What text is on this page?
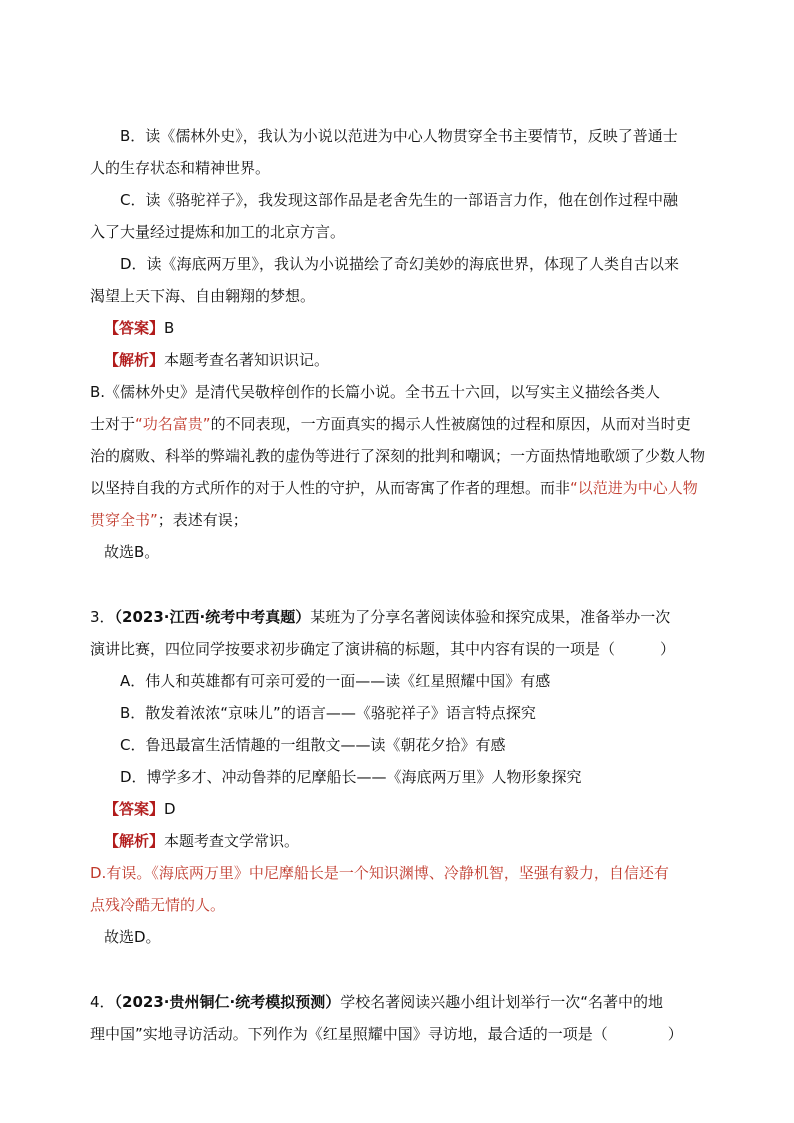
B．读《儒林外史》，我认为小说以范进为中心人物贯穿全书主要情节，反映了普通士
人的生存状态和精神世界。
C．读《骆驼祥子》，我发现这部作品是老舍先生的一部语言力作，他在创作过程中融
入了大量经过提炼和加工的北京方言。
D．读《海底两万里》，我认为小说描绘了奇幻美妙的海底世界，体现了人类自古以来
渴望上天下海、自由翱翔的梦想。
【答案】B
【解析】本题考查名著知识识记。
B.《儒林外史》是清代吴敬梓创作的长篇小说。全书五十六回，以写实主义描绘各类人
士对于“功名富贵”的不同表现，一方面真实的揭示人性被腐蚀的过程和原因，从而对当时吏
治的腐败、科举的弊端礼教的虚伪等进行了深刻的批判和嘲讽；一方面热情地歌颂了少数人物
以坚持自我的方式所作的对于人性的守护，从而寄寓了作者的理想。而非“以范进为中心人物
贯穿全书”；表述有误；
故选B。
3．（2023·江西·统考中考真题）某班为了分享名著阅读体验和探究成果，准备举办一次
演讲比赛，四位同学按要求初步确定了演讲稿的标题，其中内容有误的一项是（　　　）
A．伟人和英雄都有可亲可爱的一面——读《红星照耀中国》有感
B．散发着浓浓“京味儿”的语言——《骆驼祥子》语言特点探究
C．鲁迅最富生活情趣的一组散文——读《朝花夕拾》有感
D．博学多才、冲动鲁莽的尼摩船长——《海底两万里》人物形象探究
【答案】D
【解析】本题考查文学常识。
D.有误。《海底两万里》中尼摩船长是一个知识渊博、冷静机智，坚强有毅力，自信还有
点残冷酷无情的人。
故选D。
4．（2023·贵州铜仁·统考模拟预测）学校名著阅读兴趣小组计划举行一次“名著中的地
理中国”实地寻访活动。下列作为《红星照耀中国》寻访地，最合适的一项是（　　　　）
